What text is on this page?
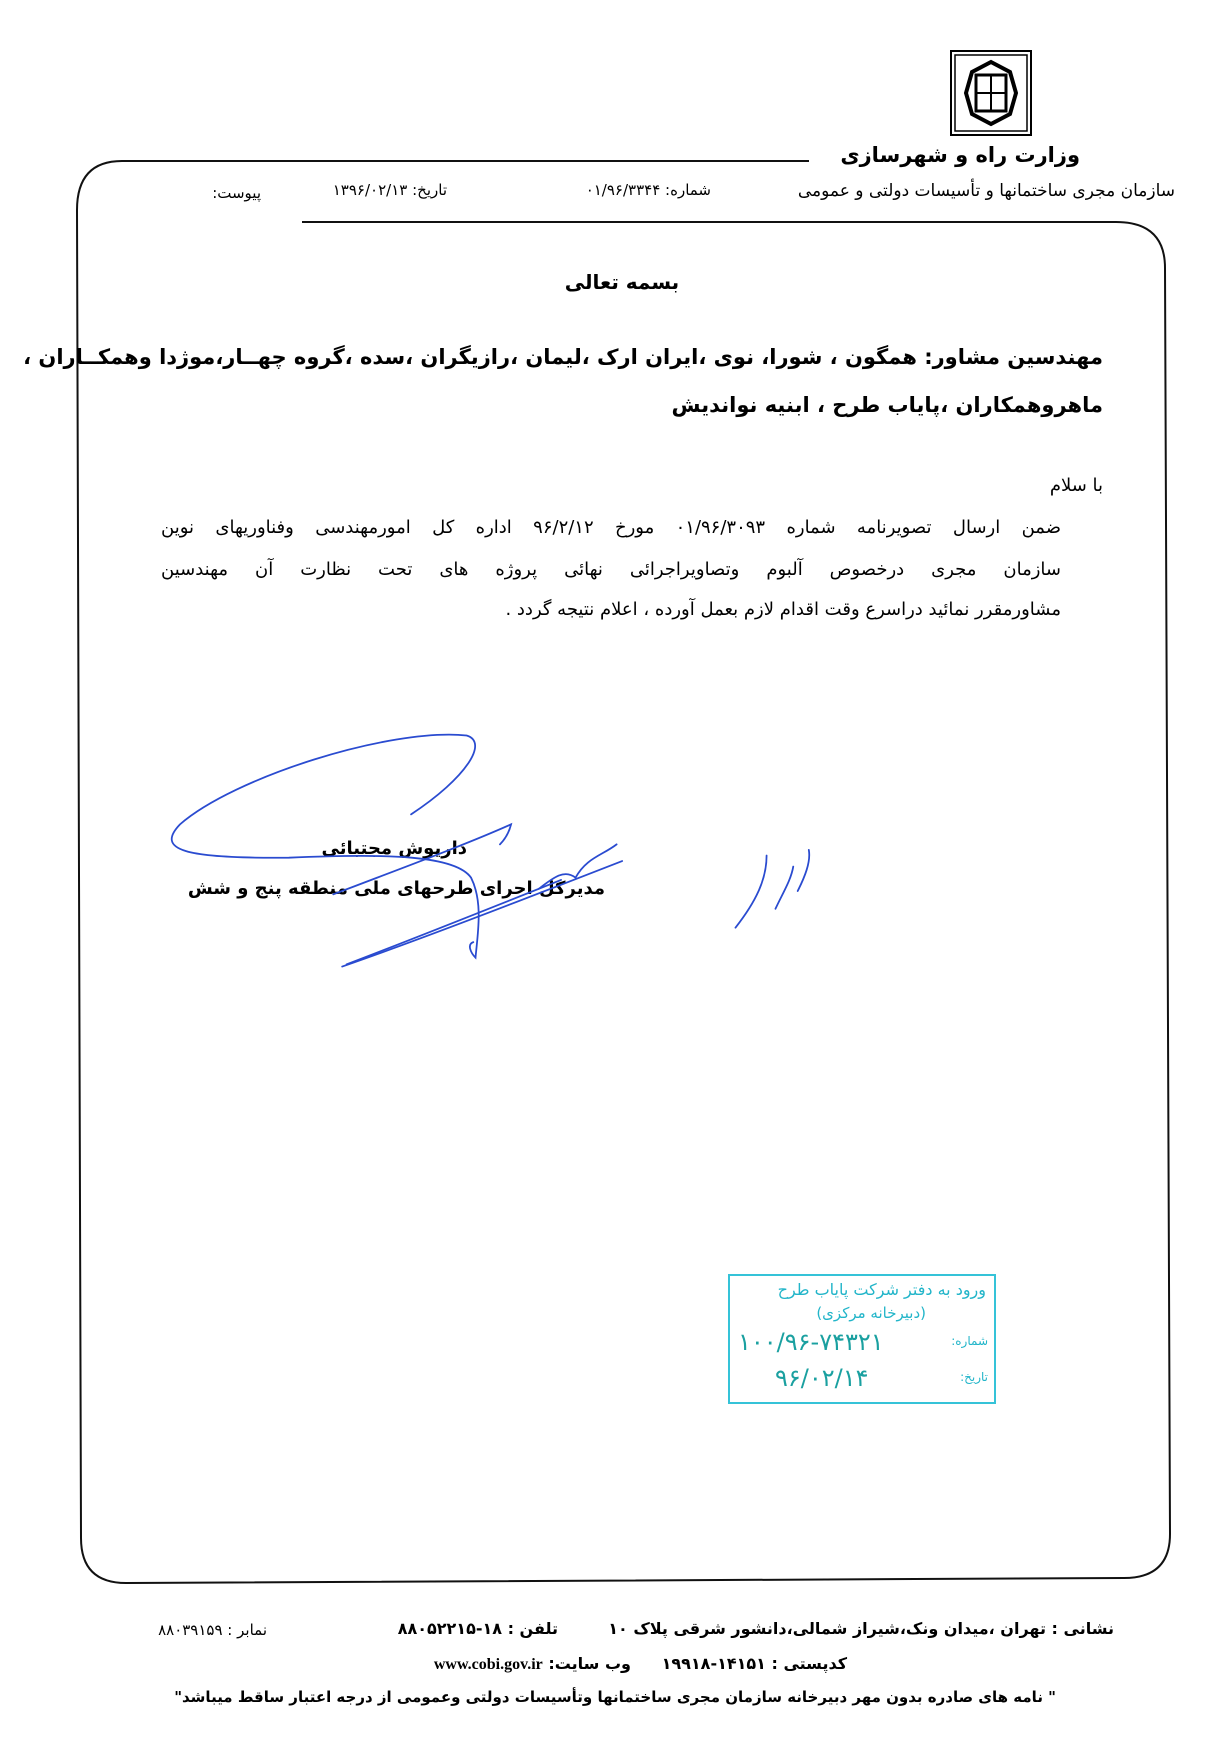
وزارت راه و شهرسازی
سازمان مجری ساختمانها و تأسیسات دولتی و عمومی
شماره: ۰۱/۹۶/۳۳۴۴
تاریخ: ۱۳۹۶/۰۲/۱۳
پیوست:
بسمه تعالی
مهندسین مشاور: همگون ، شورا، نوی ،ایران ارک ،لیمان ،رازیگران ،سده ،گروه چهــار،موژدا وهمکــاران ،
ماهروهمکاران ،پایاب طرح ، ابنیه نواندیش
با سلام
ضمن ارسال تصویرنامه شماره ۰۱/۹۶/۳۰۹۳ مورخ ۹۶/۲/۱۲ اداره کل امورمهندسی وفناوریهای نوین
سازمان مجری درخصوص آلبوم وتصاویراجرائی نهائی پروژه های تحت نظارت آن مهندسین
مشاورمقرر نمائید دراسرع وقت اقدام لازم بعمل آورده ، اعلام نتیجه گردد .
داریوش مجتبائی
مدیرکل اجرای طرحهای ملی منطقه پنج و شش
ورود به دفتر شرکت پایاب طرح
(دبیرخانه مرکزی)
شماره:
۱۰۰/۹۶-۷۴۳۲۱
تاریخ:
۹۶/۰۲/۱۴
نشانی : تهران ،میدان ونک،شیراز شمالی،دانشور شرقی پلاک ۱۰
تلفن : ۱۸-۸۸۰۵۲۲۱۵
نمابر : ۸۸۰۳۹۱۵۹
کدپستی : ۱۴۱۵۱-۱۹۹۱۸
وب سایت: www.cobi.gov.ir
" نامه های صادره بدون مهر دبیرخانه سازمان مجری ساختمانها وتأسیسات دولتی وعمومی از درجه اعتبار ساقط میباشد"
